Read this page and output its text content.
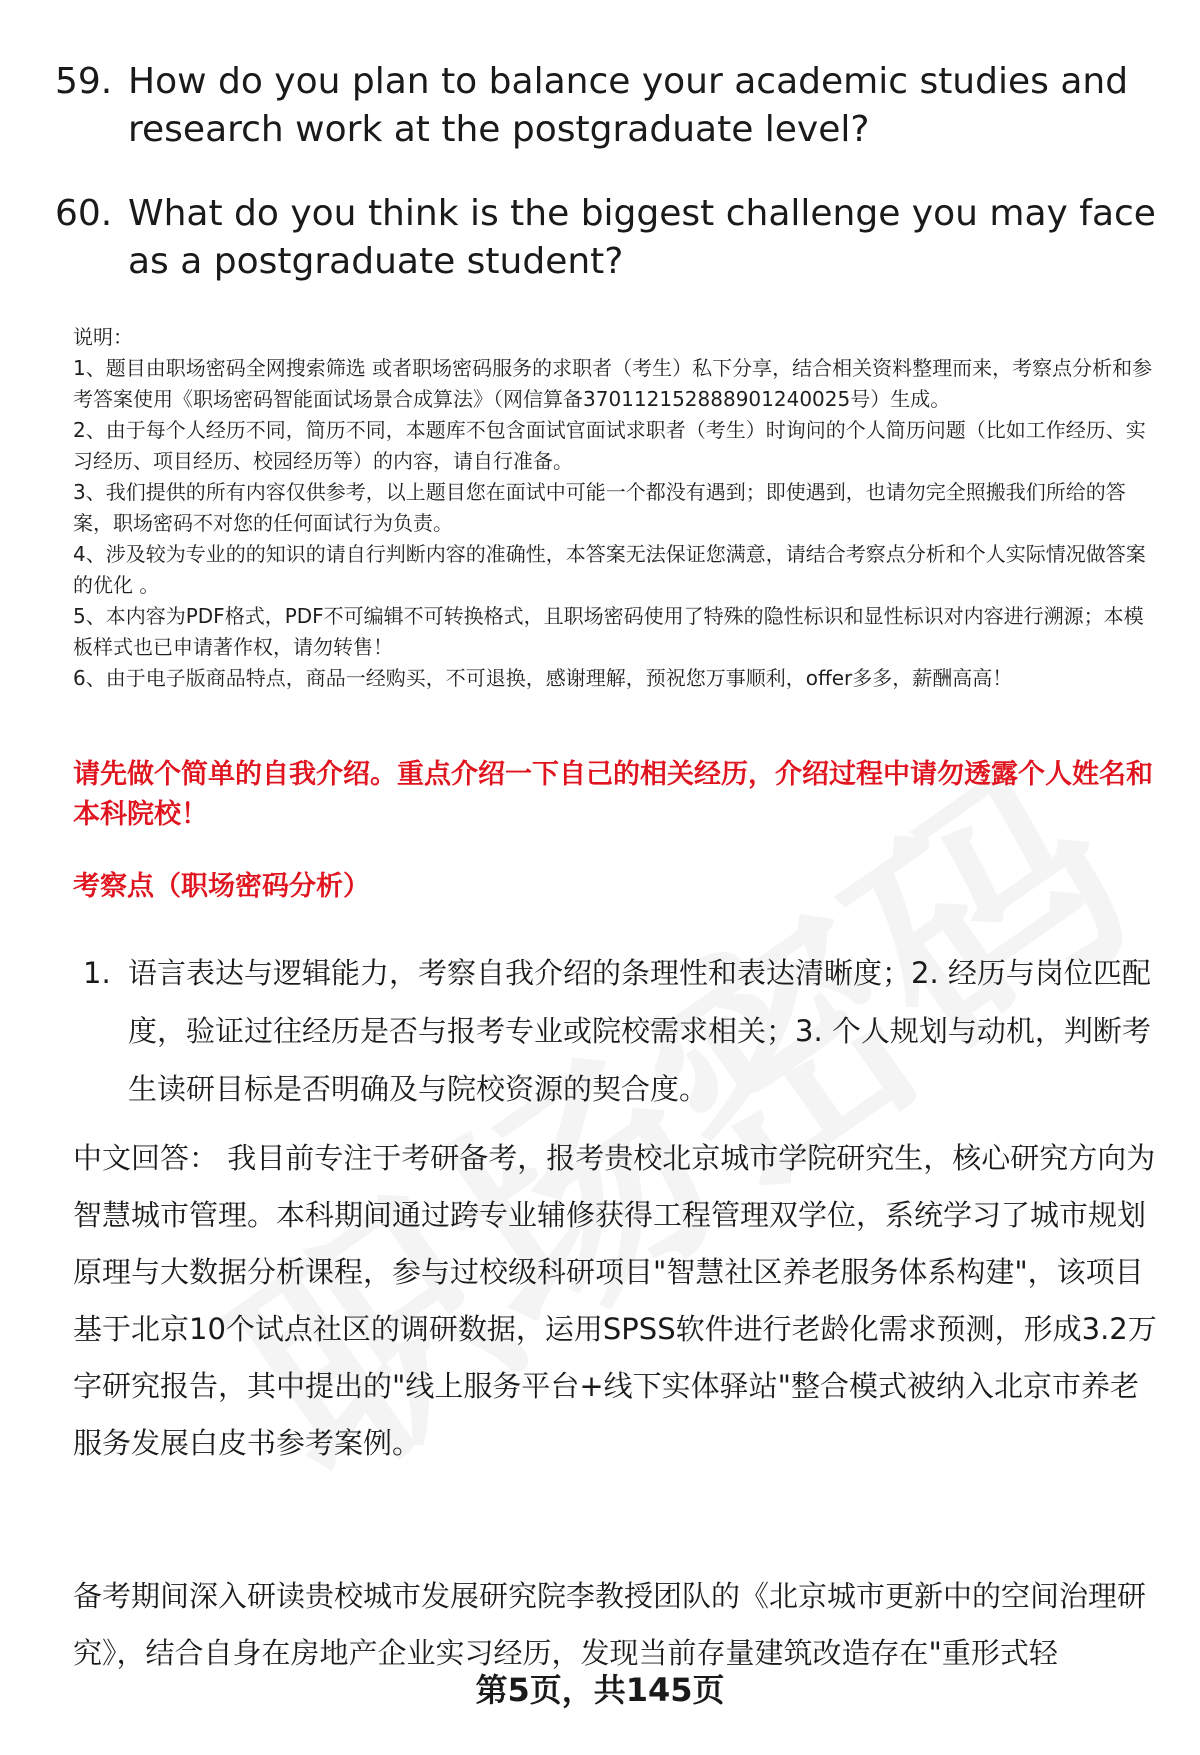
59. How do you plan to balance your academic studies and research work at the postgraduate level?
60. What do you think is the biggest challenge you may face as a postgraduate student?

说明：

1、题目由职场密码全网搜索筛选 或者职场密码服务的求职者（考生）私下分享，结合相关资料整理而来，考察点分析和参考答案使用《职场密码智能面试场景合成算法》（网信算备370112152888901240025号）生成。

2、由于每个人经历不同，简历不同，本题库不包含面试官面试求职者（考生）时询问的个人简历问题（比如工作经历、实习经历、项目经历、校园经历等）的内容，请自行准备。

3、我们提供的所有内容仅供参考，以上题目您在面试中可能一个都没有遇到；即使遇到，也请勿完全照搬我们所给的答案，职场密码不对您的任何面试行为负责。

4、涉及较为专业的的知识的请自行判断内容的准确性，本答案无法保证您满意，请结合考察点分析和个人实际情况做答案的优化 。

5、本内容为PDF格式，PDF不可编辑不可转换格式，且职场密码使用了特殊的隐性标识和显性标识对内容进行溯源；本模板样式也已申请著作权，请勿转售！

6、由于电子版商品特点，商品一经购买，不可退换，感谢理解，预祝您万事顺利，offer多多，薪酬高高！

请先做个简单的自我介绍。重点介绍一下自己的相关经历，介绍过程中请勿透露个人姓名和本科院校！
考察点（职场密码分析）
1. 语言表达与逻辑能力，考察自我介绍的条理性和表达清晰度；2. 经历与岗位匹配度，验证过往经历是否与报考专业或院校需求相关；3. 个人规划与动机，判断考生读研目标是否明确及与院校资源的契合度。

中文回答： 我目前专注于考研备考，报考贵校北京城市学院研究生，核心研究方向为智慧城市管理。本科期间通过跨专业辅修获得工程管理双学位，系统学习了城市规划原理与大数据分析课程，参与过校级科研项目"智慧社区养老服务体系构建"，该项目基于北京10个试点社区的调研数据，运用SPSS软件进行老龄化需求预测，形成3.2万字研究报告，其中提出的"线上服务平台+线下实体驿站"整合模式被纳入北京市养老服务发展白皮书参考案例。

备考期间深入研读贵校城市发展研究院李教授团队的《北京城市更新中的空间治理研究》，结合自身在房地产企业实习经历，发现当前存量建筑改造存在"重形式轻

第5页，共145页
